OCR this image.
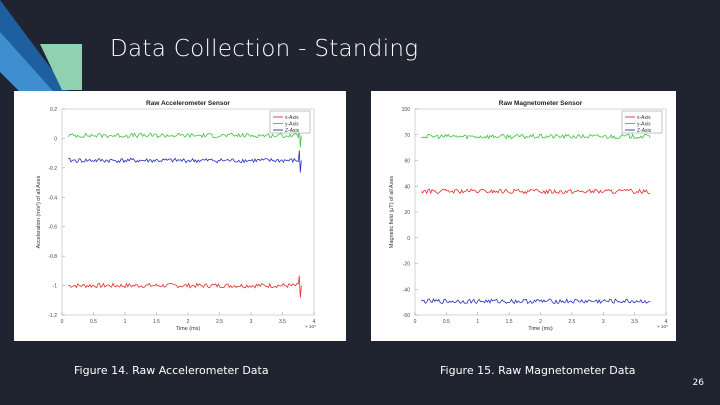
Data Collection - Standing
Raw Accelerometer Sensor
0.2
0
-0.2
-0.4
-0.6
-0.8
-1
-1.2
0	0.5	1	1.5	2	2.5	3	3.5	4
× 10⁴
Time (ms)
Acceleration (m/s²) of all Axes
x-Axis
y-Axis
Z-Axis
Raw Magnetometer Sensor
100
70
60
40
20
0
-20
-40
-50
0	0.5	1	1.5	2	2.5	3	3.5	4
× 10⁴
Time (ms)
Magnetic field (µT) of all Axes
x-Axis
y-Axis
Z-Axis
Figure 14. Raw Accelerometer Data	Figure 15. Raw Magnetometer Data
26
